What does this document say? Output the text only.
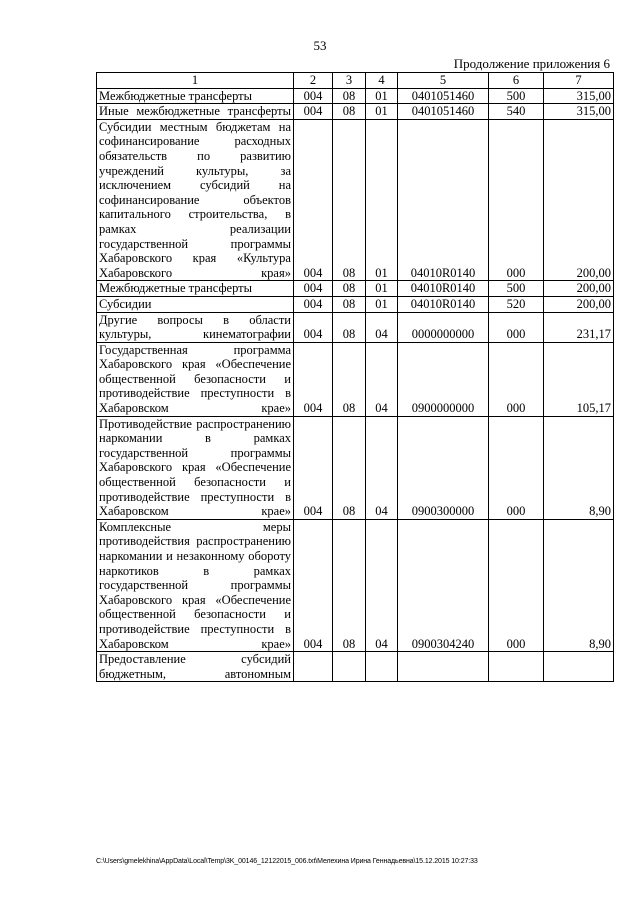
53
Продолжение приложения 6
1	2	3	4	5	6	7
Межбюджетные трансферты	004	08	01	0401051460	500	315,00
Иные межбюджетные трансферты	004	08	01	0401051460	540	315,00
Субсидии местным бюджетам на софинансирование расходных обязательств по развитию учреждений культуры, за исключением субсидий на софинансирование объектов капитального строительства, в рамках реализации государственной программы Хабаровского края «Культура Хабаровского края»	004	08	01	04010R0140	000	200,00
Межбюджетные трансферты	004	08	01	04010R0140	500	200,00
Субсидии	004	08	01	04010R0140	520	200,00
Другие вопросы в области культуры, кинематографии	004	08	04	0000000000	000	231,17
Государственная программа Хабаровского края «Обеспечение общественной безопасности и противодействие преступности в Хабаровском крае»	004	08	04	0900000000	000	105,17
Противодействие распространению наркомании в рамках государственной программы Хабаровского края «Обеспечение общественной безопасности и противодействие преступности в Хабаровском крае»	004	08	04	0900300000	000	8,90
Комплексные меры противодействия распространению наркомании и незаконному обороту наркотиков в рамках государственной программы Хабаровского края «Обеспечение общественной безопасности и противодействие преступности в Хабаровском крае»	004	08	04	0900304240	000	8,90
Предоставление субсидий бюджетным, автономным						
C:\Users\gmelekhina\AppData\Local\Temp\3K_00146_12122015_006.txt\Мелехина Ирина Геннадьевна\15.12.2015 10:27:33
